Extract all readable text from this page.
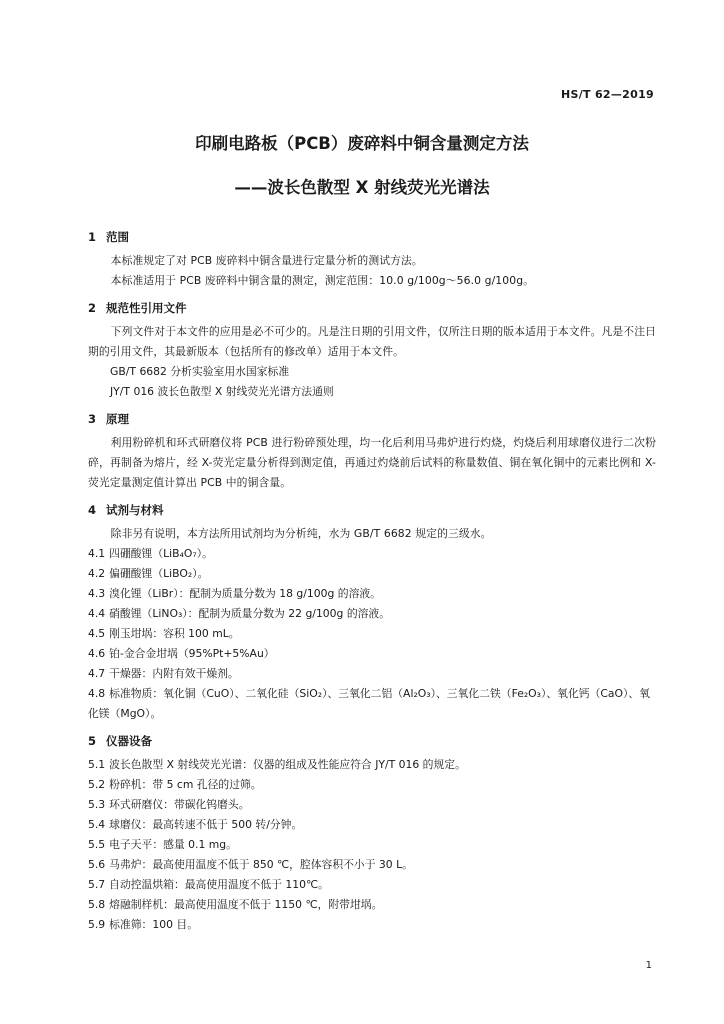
HS/T 62—2019
印刷电路板（PCB）废碎料中铜含量测定方法
——波长色散型 X 射线荧光光谱法
1 范围

本标准规定了对 PCB 废碎料中铜含量进行定量分析的测试方法。

本标准适用于 PCB 废碎料中铜含量的测定，测定范围：10.0 g/100g～56.0 g/100g。

2 规范性引用文件

下列文件对于本文件的应用是必不可少的。凡是注日期的引用文件，仅所注日期的版本适用于本文件。凡是不注日期的引用文件，其最新版本（包括所有的修改单）适用于本文件。

GB/T 6682 分析实验室用水国家标准

JY/T 016 波长色散型 X 射线荧光光谱方法通则

3 原理

利用粉碎机和环式研磨仪将 PCB 进行粉碎预处理，均一化后利用马弗炉进行灼烧，灼烧后利用球磨仪进行二次粉碎，再制备为熔片，经 X-荧光定量分析得到测定值，再通过灼烧前后试料的称量数值、铜在氧化铜中的元素比例和 X-荧光定量测定值计算出 PCB 中的铜含量。

4 试剂与材料

除非另有说明，本方法所用试剂均为分析纯，水为 GB/T 6682 规定的三级水。

4.1 四硼酸锂（LiB₄O₇）。

4.2 偏硼酸锂（LiBO₂）。

4.3 溴化锂（LiBr）：配制为质量分数为 18 g/100g 的溶液。

4.4 硝酸锂（LiNO₃）：配制为质量分数为 22 g/100g 的溶液。

4.5 刚玉坩埚：容积 100 mL。

4.6 铂-金合金坩埚（95%Pt+5%Au）

4.7 干燥器：内附有效干燥剂。

4.8 标准物质：氧化铜（CuO）、二氧化硅（SiO₂）、三氧化二铝（Al₂O₃）、三氧化二铁（Fe₂O₃）、氧化钙（CaO）、氧化镁（MgO）。

5 仪器设备

5.1 波长色散型 X 射线荧光光谱：仪器的组成及性能应符合 JY/T 016 的规定。

5.2 粉碎机：带 5 cm 孔径的过筛。

5.3 环式研磨仪：带碳化钨磨头。

5.4 球磨仪：最高转速不低于 500 转/分钟。

5.5 电子天平：感量 0.1 mg。

5.6 马弗炉：最高使用温度不低于 850 ℃，腔体容积不小于 30 L。

5.7 自动控温烘箱：最高使用温度不低于 110℃。

5.8 熔融制样机：最高使用温度不低于 1150 ℃，附带坩埚。

5.9 标准筛：100 目。

1
